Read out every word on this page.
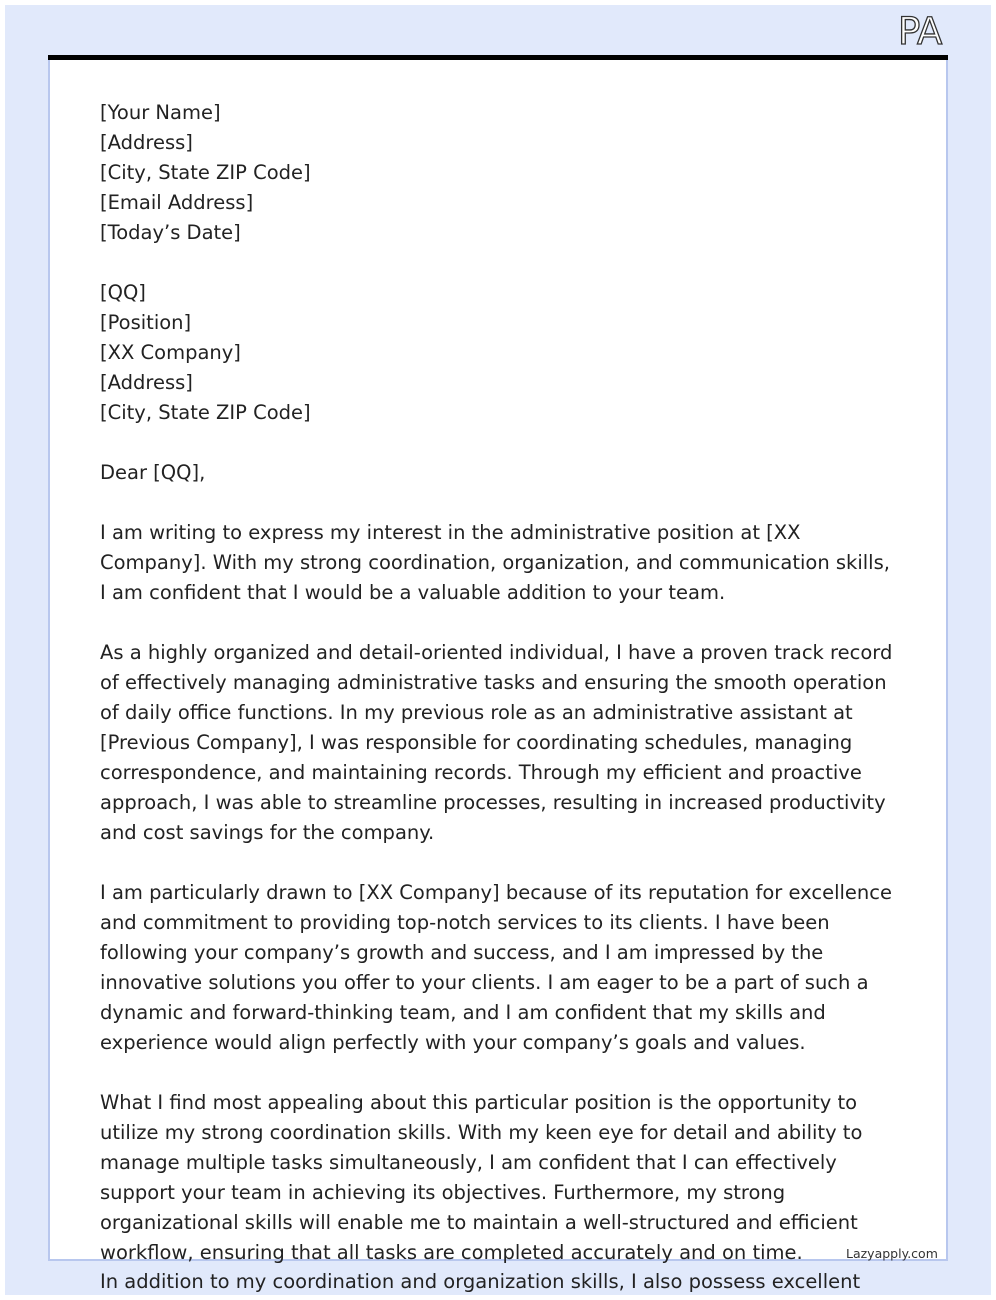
PA
[Your Name]
[Address]
[City, State ZIP Code]
[Email Address]
[Today’s Date]
[QQ]
[Position]
[XX Company]
[Address]
[City, State ZIP Code]
Dear [QQ],
I am writing to express my interest in the administrative position at [XX Company]. With my strong coordination, organization, and communication skills, I am confident that I would be a valuable addition to your team.
As a highly organized and detail-oriented individual, I have a proven track record of effectively managing administrative tasks and ensuring the smooth operation of daily office functions. In my previous role as an administrative assistant at [Previous Company], I was responsible for coordinating schedules, managing correspondence, and maintaining records. Through my efficient and proactive approach, I was able to streamline processes, resulting in increased productivity and cost savings for the company.
I am particularly drawn to [XX Company] because of its reputation for excellence and commitment to providing top-notch services to its clients. I have been following your company’s growth and success, and I am impressed by the innovative solutions you offer to your clients. I am eager to be a part of such a dynamic and forward-thinking team, and I am confident that my skills and experience would align perfectly with your company’s goals and values.
What I find most appealing about this particular position is the opportunity to utilize my strong coordination skills. With my keen eye for detail and ability to manage multiple tasks simultaneously, I am confident that I can effectively support your team in achieving its objectives. Furthermore, my strong organizational skills will enable me to maintain a well-structured and efficient workflow, ensuring that all tasks are completed accurately and on time.	Lazyapply.com
In addition to my coordination and organization skills, I also possess excellent
